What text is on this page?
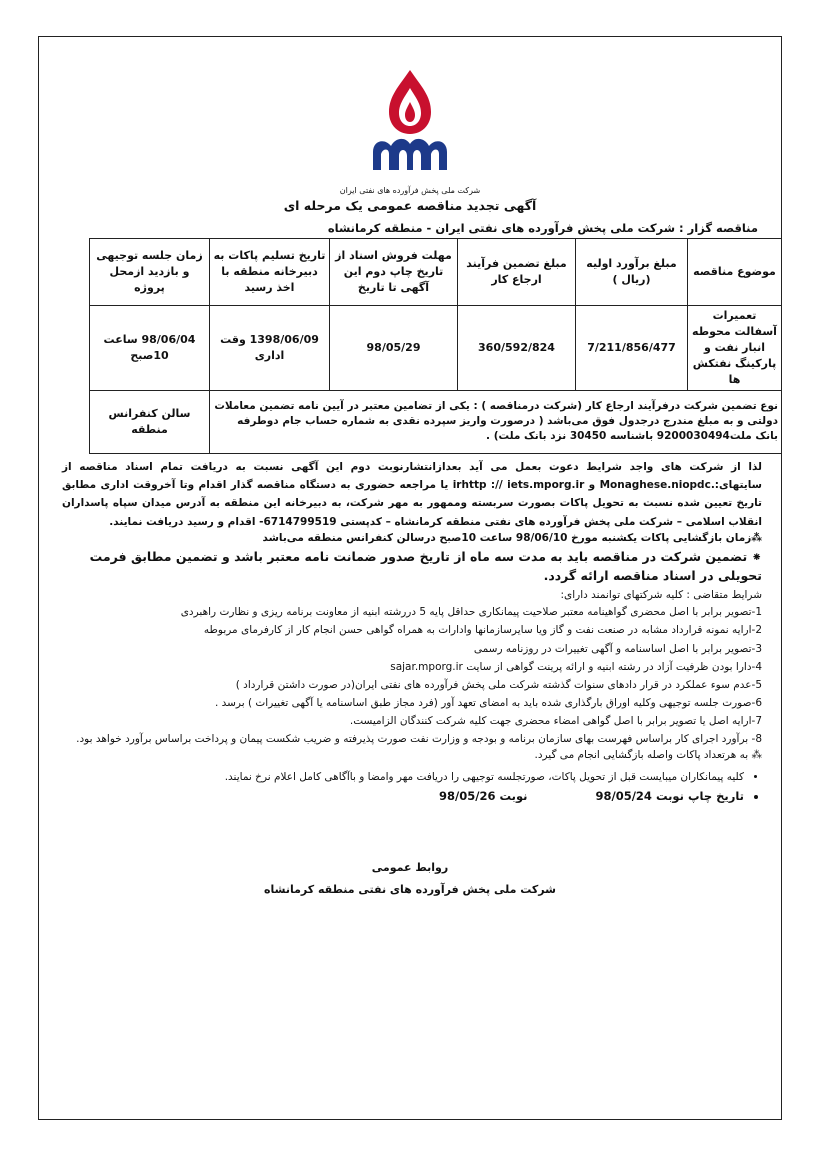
شرکت ملی پخش فرآورده های نفتی ایران
آگهی تجدید مناقصه عمومی یک مرحله ای
مناقصه گزار : شرکت ملی پخش فرآورده های نفتی ایران - منطقه کرمانشاه
موضوع مناقصه	مبلغ برآورد اولیه (ریال )	مبلغ تضمین فرآیند ارجاع کار	مهلت فروش اسناد از تاریخ چاپ دوم این آگهی تا تاریخ	تاریخ تسلیم پاکات به دبیرخانه منطقه با اخذ رسید	زمان جلسه توجیهی و بازدید ازمحل پروژه
تعمیرات آسفالت محوطه انبار نفت و پارکینگ نفتکش ها	7/211/856/477	360/592/824	98/05/29	1398/06/09 وقت اداری	98/06/04 ساعت 10صبح
نوع تضمین شرکت درفرآیند ارجاع کار (شرکت درمناقصه ) : یکی از تضامین معتبر در آیین نامه تضمین معاملات دولتی و به مبلغ مندرج درجدول فوق می‌باشد ( درصورت واریز سپرده نقدی به شماره حساب جام دوطرفه بانک ملت9200030494 باشناسه 30450 نزد بانک ملت) .					سالن کنفرانس منطقه

لذا از شرکت های واجد شرایط دعوت بعمل می آید بعدازانتشارنوبت دوم این آگهی نسبت به دریافت تمام اسناد مناقصه از سایتهای:.Monaghese.niopdc و irhttp :// iets.mporg.ir یا مراجعه حضوری به دستگاه مناقصه گذار اقدام وتا آخروقت اداری مطابق تاریخ تعیین شده نسبت به تحویل پاکات بصورت سربسته وممهور به مهر شرکت، به دبیرخانه این منطقه به آدرس میدان سپاه پاسداران انقلاب اسلامی – شرکت ملی پخش فرآورده های نفتی منطقه کرمانشاه – کدپستی 6714799519- اقدام و رسید دریافت نمایند.

⁂زمان بازگشایی پاکات یکشنبه مورخ 98/06/10 ساعت 10صبح درسالن کنفرانس منطقه می‌باشد

⁕ تضمین شرکت در مناقصه باید به مدت سه ماه از تاریخ صدور ضمانت نامه معتبر باشد و تضمین مطابق فرمت تحویلی در اسناد مناقصه ارائه گردد.

شرایط متقاضی : کلیه شرکتهای توانمند دارای:

1-تصویر برابر با اصل محضری گواهینامه معتبر صلاحیت پیمانکاری حداقل پایه 5 دررشته ابنیه از معاونت برنامه ریزی و نظارت راهبردی

2-ارایه نمونه قرارداد مشابه در صنعت نفت و گاز ویا سایرسازمانها وادارات به همراه گواهی حسن انجام کار از کارفرمای مربوطه

3-تصویر برابر با اصل اساسنامه و آگهی تغییرات در روزنامه رسمی

4-دارا بودن ظرفیت آزاد در رشته ابنیه و ارائه پرینت گواهی از سایت sajar.mporg.ir

5-عدم سوء عملکرد در قرار دادهای سنوات گذشته شرکت ملی پخش فرآورده های نفتی ایران(در صورت داشتن قرارداد )

6-صورت جلسه توجیهی وکلیه اوراق بارگذاری شده باید به امضای تعهد آور (فرد مجاز طبق اساسنامه یا آگهی تغییرات ) برسد .

7-ارایه اصل یا تصویر برابر با اصل گواهی امضاء محضری جهت کلیه شرکت کنندگان الزامیست.

8- برآورد اجرای کار براساس فهرست بهای سازمان برنامه و بودجه و وزارت نفت صورت پذیرفته و ضریب شکست پیمان و پرداخت براساس برآورد خواهد بود.

⁂ به هرتعداد پاکات واصله بازگشایی انجام می گیرد.

• کلیه پیمانکاران میبایست قبل از تحویل پاکات، صورتجلسه توجیهی را دریافت مهر وامضا و باآگاهی کامل اعلام نرخ نمایند.
• تاریخ چاپ نوبت 98/05/24  نوبت 98/05/26
روابط عمومی
شرکت ملی پخش فرآورده های نفتی منطقه کرمانشاه
